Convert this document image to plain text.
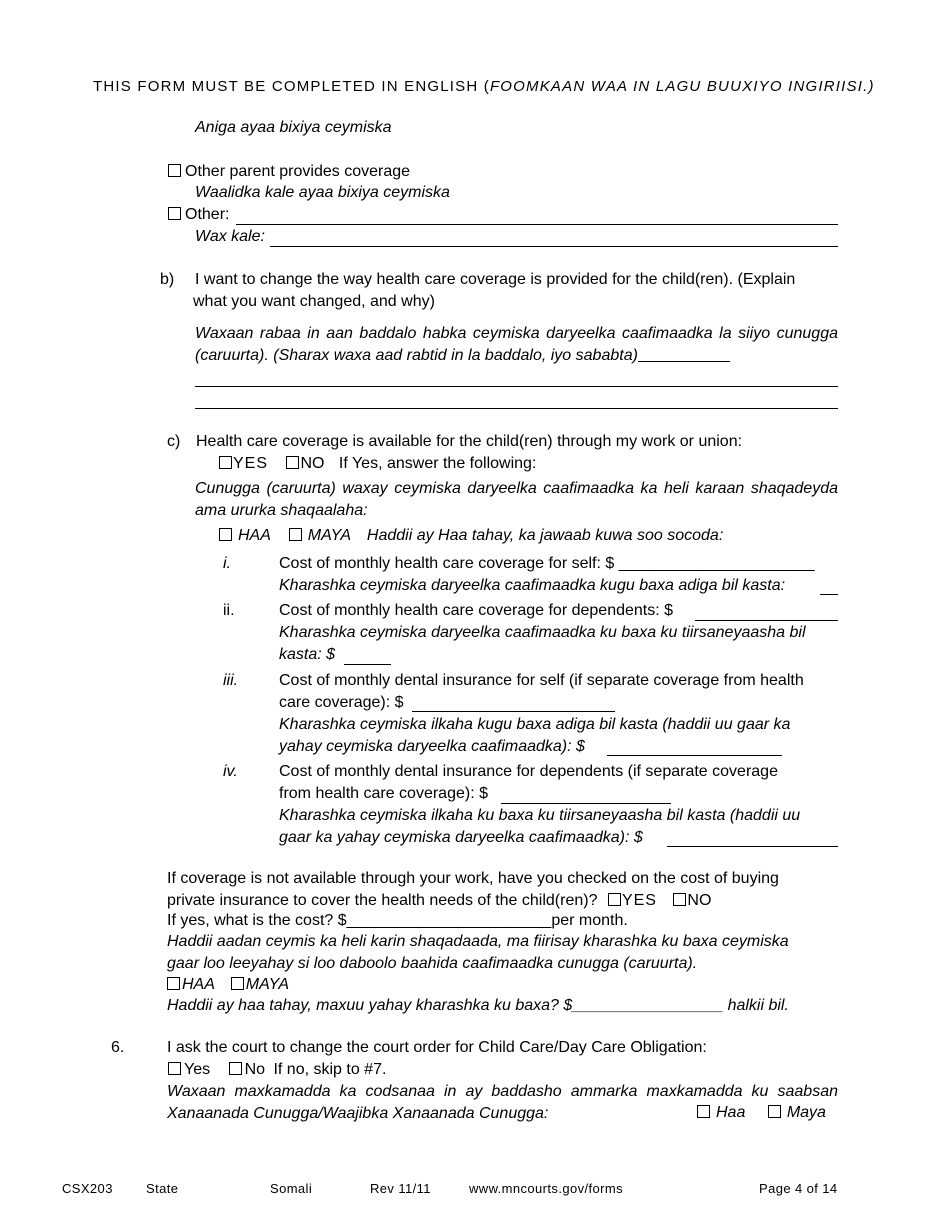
THIS FORM MUST BE COMPLETED IN ENGLISH (FOOMKAAN WAA IN LAGU BUUXIYO INGIRIISI.)
Aniga ayaa bixiya ceymiska
Other parent provides coverage
Waalidka kale ayaa bixiya ceymiska
Other:
Wax kale:
b) I want to change the way health care coverage is provided for the child(ren). (Explain
what you want changed, and why)
Waxaan rabaa in aan baddalo habka ceymiska daryeelka caafimaadka la siiyo cunugga (caruurta). (Sharax waxa aad rabtid in la baddalo, iyo sababta)
c) Health care coverage is available for the child(ren) through my work or union:
YES NO If Yes, answer the following:
Cunugga (caruurta) waxay ceymiska daryeelka caafimaadka ka heli karaan shaqadeyda ama ururka shaqaalaha:
HAA MAYA Haddii ay Haa tahay, ka jawaab kuwa soo socoda:
i.	Cost of monthly health care coverage for self: $ ______________________
Kharashka ceymiska daryeelka caafimaadka kugu baxa adiga bil kasta:
ii.	Cost of monthly health care coverage for dependents: $
Kharashka ceymiska daryeelka caafimaadka ku baxa ku tiirsaneyaasha bil
kasta: $
iii.	Cost of monthly dental insurance for self (if separate coverage from health
care coverage): $
Kharashka ceymiska ilkaha kugu baxa adiga bil kasta (haddii uu gaar ka
yahay ceymiska daryeelka caafimaadka): $
iv.	Cost of monthly dental insurance for dependents (if separate coverage
from health care coverage): $
Kharashka ceymiska ilkaha ku baxa ku tiirsaneyaasha bil kasta (haddii uu
gaar ka yahay ceymiska daryeelka caafimaadka): $
If coverage is not available through your work, have you checked on the cost of buying
private insurance to cover the health needs of the child(ren)? YES NO
If yes, what is the cost? $_______________________per month.
Haddii aadan ceymis ka heli karin shaqadaada, ma fiirisay kharashka ku baxa ceymiska
gaar loo leeyahay si loo daboolo baahida caafimaadka cunugga (caruurta).
HAA MAYA
Haddii ay haa tahay, maxuu yahay kharashka ku baxa? $_________________ halkii bil.
6.	I ask the court to change the court order for Child Care/Day Care Obligation:
Yes No If no, skip to #7.
Waxaan maxkamadda ka codsanaa in ay baddasho ammarka maxkamadda ku saabsan Xanaanada Cunugga/Waajibka Xanaanada Cunugga:	Haa	Maya
CSX203	State	Somali	Rev 11/11	www.mncourts.gov/forms	Page 4 of 14
